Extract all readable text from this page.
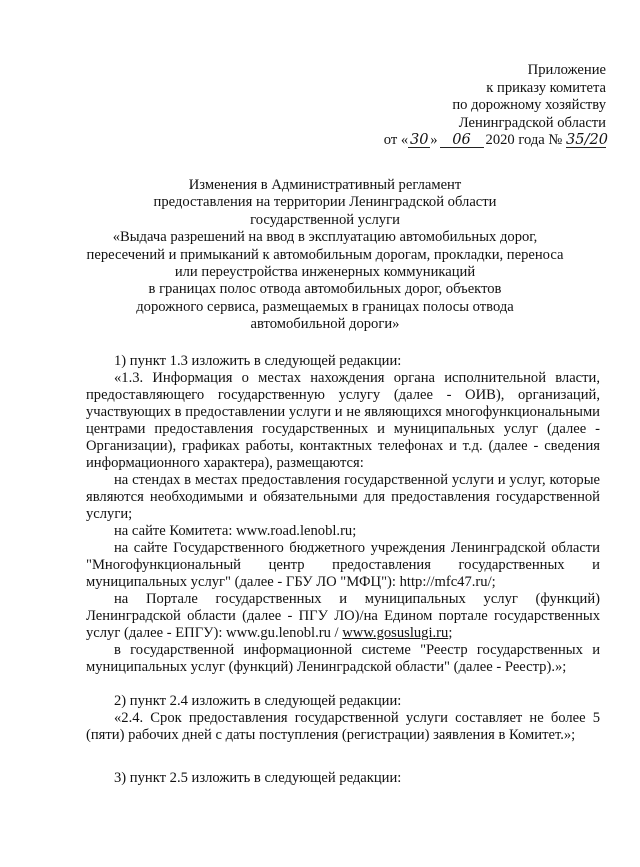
Приложение
к приказу комитета
по дорожному хозяйству
Ленинградской области
от « 30 » 06 2020 года № 35/20
Изменения в Административный регламент
предоставления на территории Ленинградской области
государственной услуги
«Выдача разрешений на ввод в эксплуатацию автомобильных дорог,
пересечений и примыканий к автомобильным дорогам, прокладки, переноса
или переустройства инженерных коммуникаций
в границах полос отвода автомобильных дорог, объектов
дорожного сервиса, размещаемых в границах полосы отвода
автомобильной дороги»

1) пункт 1.3 изложить в следующей редакции:

«1.3. Информация о местах нахождения органа исполнительной власти, предоставляющего государственную услугу (далее - ОИВ), организаций, участвующих в предоставлении услуги и не являющихся многофункциональными центрами предоставления государственных и муниципальных услуг (далее - Организации), графиках работы, контактных телефонах и т.д. (далее - сведения информационного характера), размещаются:

на стендах в местах предоставления государственной услуги и услуг, которые являются необходимыми и обязательными для предоставления государственной услуги;

на сайте Комитета: www.road.lenobl.ru;

на сайте Государственного бюджетного учреждения Ленинградской области "Многофункциональный центр предоставления государственных и муниципальных услуг" (далее - ГБУ ЛО "МФЦ"): http://mfc47.ru/;

на Портале государственных и муниципальных услуг (функций) Ленинградской области (далее - ПГУ ЛО)/на Едином портале государственных услуг (далее - ЕПГУ): www.gu.lenobl.ru / www.gosuslugi.ru;

в государственной информационной системе "Реестр государственных и муниципальных услуг (функций) Ленинградской области" (далее - Реестр).»;

2) пункт 2.4 изложить в следующей редакции:

«2.4. Срок предоставления государственной услуги составляет не более 5 (пяти) рабочих дней с даты поступления (регистрации) заявления в Комитет.»;

3) пункт 2.5 изложить в следующей редакции:
